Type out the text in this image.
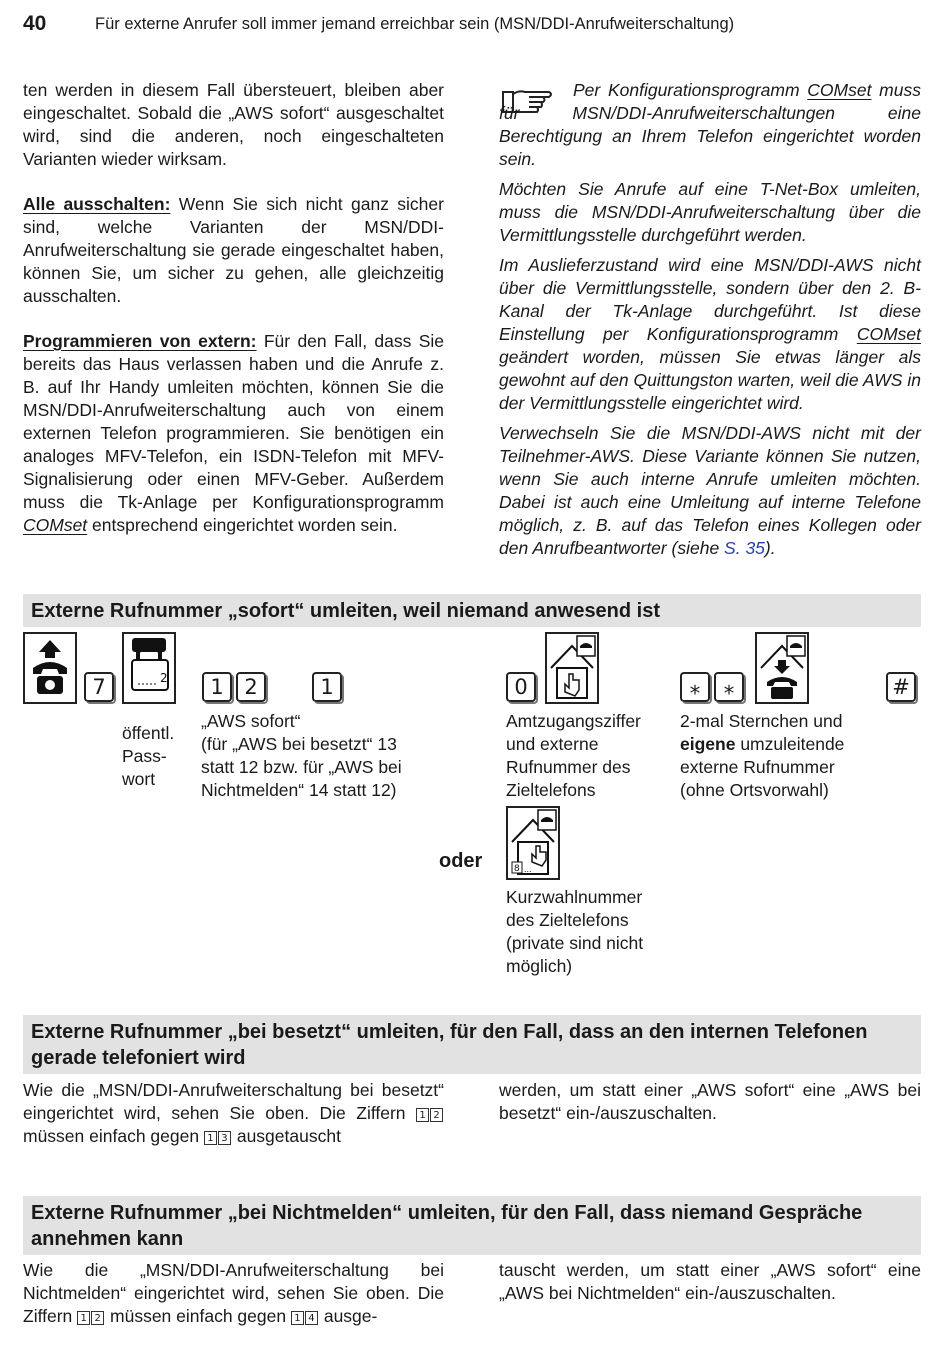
40	Für externe Anrufer soll immer jemand erreichbar sein (MSN/DDI-Anrufweiterschaltung)
ten werden in diesem Fall übersteuert, bleiben aber eingeschaltet. Sobald die „AWS sofort“ ausgeschaltet wird, sind die anderen, noch eingeschalteten Varianten wieder wirksam.
Alle ausschalten: Wenn Sie sich nicht ganz sicher sind, welche Varianten der MSN/DDI-Anrufweiterschaltung sie gerade eingeschaltet haben, können Sie, um sicher zu gehen, alle gleichzeitig ausschalten.
Programmieren von extern: Für den Fall, dass Sie bereits das Haus verlassen haben und die Anrufe z. B. auf Ihr Handy umleiten möchten, können Sie die MSN/DDI-Anrufweiterschaltung auch von einem externen Telefon programmieren. Sie benötigen ein analoges MFV-Telefon, ein ISDN-Telefon mit MFV-Signalisierung oder einen MFV-Geber. Außerdem muss die Tk-Anlage per Konfigurationsprogramm COMset entsprechend eingerichtet worden sein.
Per Konfigurationsprogramm COMset muss für MSN/DDI-Anrufweiterschaltungen eine Berechtigung an Ihrem Telefon eingerichtet worden sein.
Möchten Sie Anrufe auf eine T-Net-Box umleiten, muss die MSN/DDI-Anrufweiterschaltung über die Vermittlungsstelle durchgeführt werden.
Im Auslieferzustand wird eine MSN/DDI-AWS nicht über die Vermittlungsstelle, sondern über den 2. B-Kanal der Tk-Anlage durchgeführt. Ist diese Einstellung per Konfigurationsprogramm COMset geändert worden, müssen Sie etwas länger als gewohnt auf den Quittungston warten, weil die AWS in der Vermittlungsstelle eingerichtet wird.
Verwechseln Sie die MSN/DDI-AWS nicht mit der Teilnehmer-AWS. Diese Variante können Sie nutzen, wenn Sie auch interne Anrufe umleiten möchten. Dabei ist auch eine Umleitung auf interne Telefone möglich, z. B. auf das Telefon eines Kollegen oder den Anrufbeantworter (siehe S. 35).
Externe Rufnummer „sofort“ umleiten, weil niemand anwesend ist
7	2	1 2	1	0	⁎	⁎	#
öffentl.
Pass-
wort
„AWS sofort“
(für „AWS bei besetzt“ 13
statt 12 bzw. für „AWS bei
Nichtmelden“ 14 statt 12)
Amtzugangsziffer
und externe
Rufnummer des
Zieltelefons
2-mal Sternchen und
eigene umzuleitende
externe Rufnummer
(ohne Ortsvorwahl)
oder	8 ...
Kurzwahlnummer
des Zieltelefons
(private sind nicht
möglich)
Externe Rufnummer „bei besetzt“ umleiten, für den Fall, dass an den internen Telefonen gerade telefoniert wird
Wie die „MSN/DDI-Anrufweiterschaltung bei besetzt“ eingerichtet wird, sehen Sie oben. Die Ziffern 1 2 müssen einfach gegen 1 3 ausgetauscht
werden, um statt einer „AWS sofort“ eine „AWS bei besetzt“ ein-/auszuschalten.
Externe Rufnummer „bei Nichtmelden“ umleiten, für den Fall, dass niemand Gespräche annehmen kann
Wie die „MSN/DDI-Anrufweiterschaltung bei Nichtmelden“ eingerichtet wird, sehen Sie oben. Die Ziffern 1 2 müssen einfach gegen 1 4 ausge-
tauscht werden, um statt einer „AWS sofort“ eine „AWS bei Nichtmelden“ ein-/auszuschalten.
